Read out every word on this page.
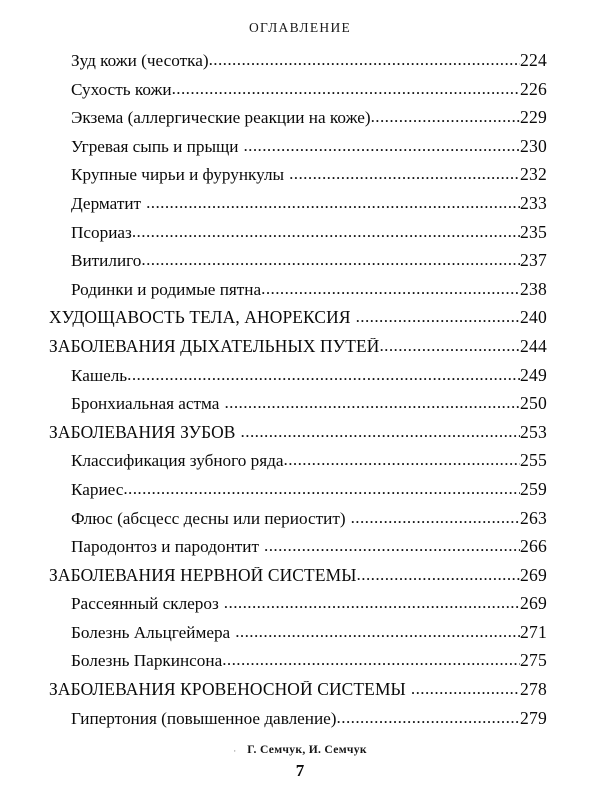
ОГЛАВЛЕНИЕ
Зуд кожи (чесотка) .....	224
Сухость кожи .....	226
Экзема (аллергические реакции на коже) .....	229
Угревая сыпь и прыщи .....	230
Крупные чирьи и фурункулы .....	232
Дерматит .....	233
Псориаз .....	235
Витилиго .....	237
Родинки и родимые пятна .....	238
ХУДОЩАВОСТЬ ТЕЛА, АНОРЕКСИЯ .....	240
ЗАБОЛЕВАНИЯ ДЫХАТЕЛЬНЫХ ПУТЕЙ .....	244
Кашель .....	249
Бронхиальная астма .....	250
ЗАБОЛЕВАНИЯ ЗУБОВ .....	253
Классификация зубного ряда .....	255
Кариес .....	259
Флюс (абсцесс десны или периостит) .....	263
Пародонтоз и пародонтит .....	266
ЗАБОЛЕВАНИЯ НЕРВНОЙ СИСТЕМЫ .....	269
Рассеянный склероз .....	269
Болезнь Альцгеймера .....	271
Болезнь Паркинсона .....	275
ЗАБОЛЕВАНИЯ КРОВЕНОСНОЙ СИСТЕМЫ .....	278
Гипертония (повышенное давление) .....	279
· Г. Семчук, И. Семчук
7
